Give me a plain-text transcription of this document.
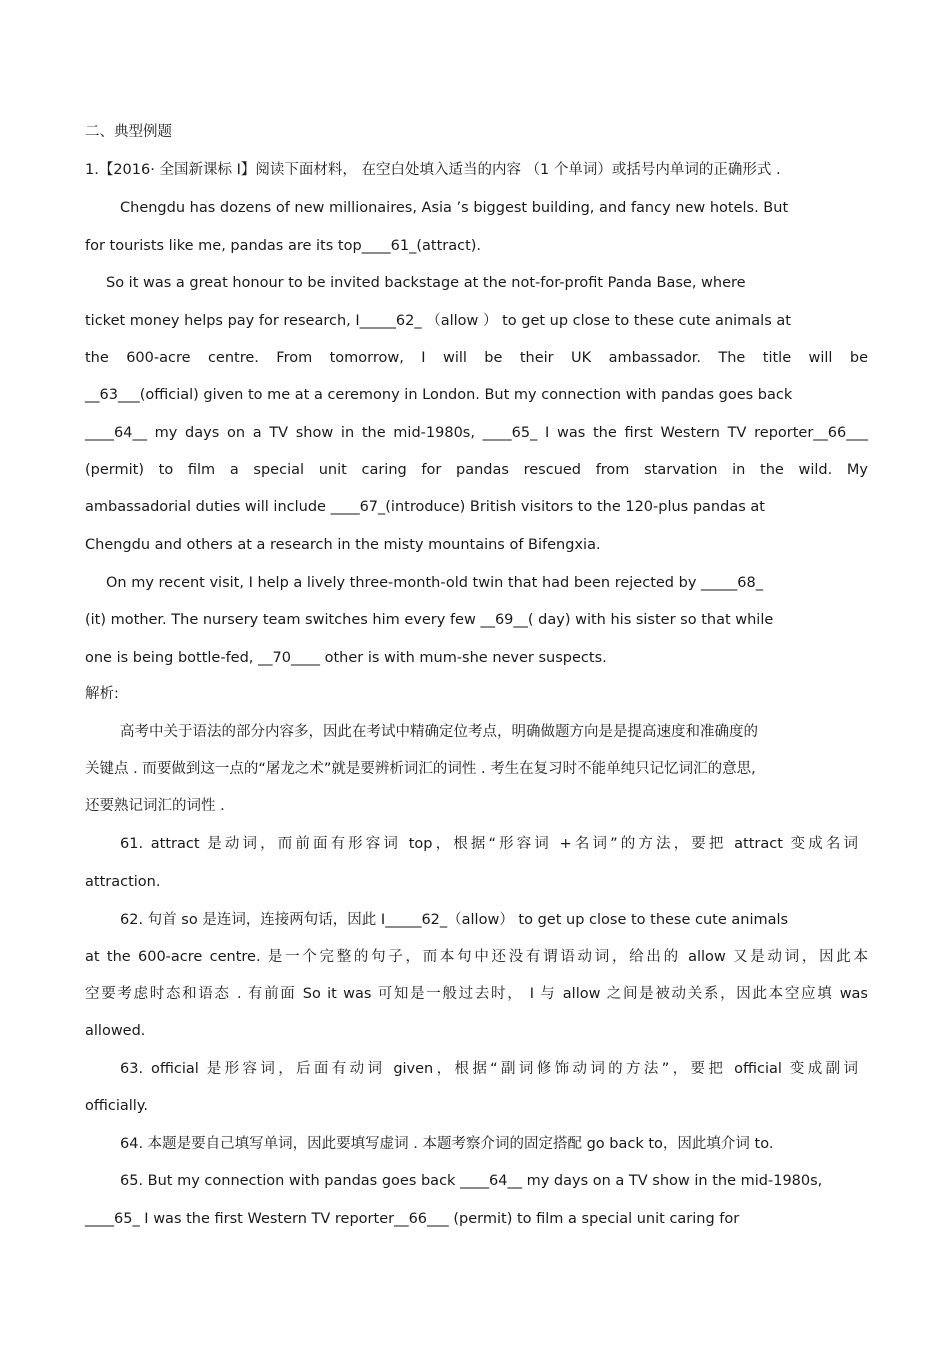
二、典型例题
1.【2016· 全国新课标 Ⅰ】阅读下面材料， 在空白处填入适当的内容 （1 个单词）或括号内单词的正确形式 .
Chengdu has dozens of new millionaires, Asia ’s biggest building, and fancy new hotels. But
for tourists like me, pandas are its top____61_(attract).
So it was a great honour to be invited backstage at the not-for-profit Panda Base, where
ticket money helps pay for research, I_____62_ （allow ） to get up close to these cute animals at
the 600-acre centre. From tomorrow, I will be their UK ambassador. The title will be
__63___(official) given to me at a ceremony in London. But my connection with pandas goes back
____64__ my days on a TV show in the mid-1980s, ____65_ I was the first Western TV reporter__66___
(permit) to film a special unit caring for pandas rescued from starvation in the wild. My
ambassadorial duties will include ____67_(introduce) British visitors to the 120-plus pandas at
Chengdu and others at a research in the misty mountains of Bifengxia.
On my recent visit, I help a lively three-month-old twin that had been rejected by _____68_
(it) mother. The nursery team switches him every few __69__( day) with his sister so that while
one is being bottle-fed, __70____ other is with mum-she never suspects.
解析:
高考中关于语法的部分内容多，因此在考试中精确定位考点，明确做题方向是是提高速度和准确度的
关键点 . 而要做到这一点的“屠龙之术”就是要辨析词汇的词性 . 考生在复习时不能单纯只记忆词汇的意思,
还要熟记词汇的词性 .
61. attract 是动词，而前面有形容词 top，根据“形容词 +名词”的方法，要把 attract 变成名词
attraction.
62. 句首 so 是连词，连接两句话，因此 I_____62_（allow） to get up close to these cute animals
at the 600-acre centre. 是一个完整的句子，而本句中还没有谓语动词，给出的 allow 又是动词，因此本
空要考虑时态和语态 . 有前面 So it was 可知是一般过去时， I 与 allow 之间是被动关系，因此本空应填 was
allowed.
63. official 是形容词，后面有动词 given，根据“副词修饰动词的方法”，要把 official 变成副词
officially.
64. 本题是要自己填写单词，因此要填写虚词 . 本题考察介词的固定搭配 go back to，因此填介词 to.
65. But my connection with pandas goes back ____64__ my days on a TV show in the mid-1980s,
____65_ I was the first Western TV reporter__66___ (permit) to film a special unit caring for
